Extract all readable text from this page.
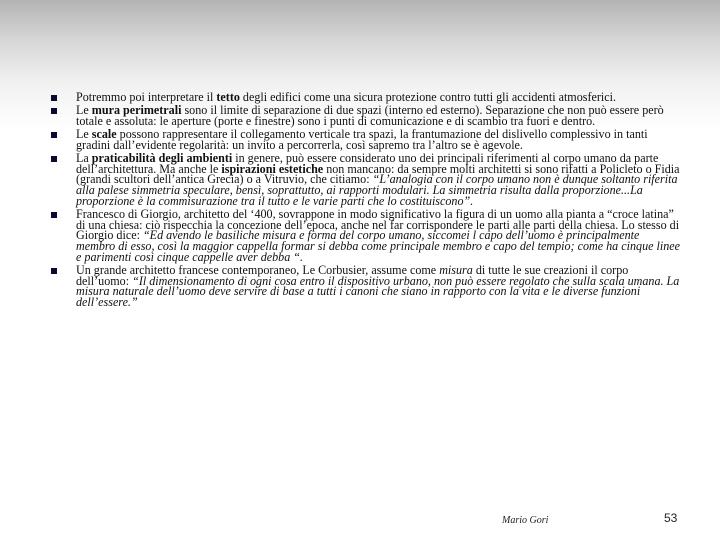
Potremmo poi interpretare il tetto degli edifici come una sicura protezione contro tutti gli accidenti atmosferici.
Le mura perimetrali sono il limite di separazione di due spazi (interno ed esterno). Separazione che non può essere però totale e assoluta: le aperture (porte e finestre) sono i punti di comunicazione e di scambio tra fuori e dentro.
Le scale possono rappresentare il collegamento verticale tra spazi, la frantumazione del dislivello complessivo in tanti gradini dall’evidente regolarità: un invito a percorrerla, così sapremo tra l’altro se è agevole.
La praticabilità degli ambienti in genere, può essere considerato uno dei principali riferimenti al corpo umano da parte dell’architettura. Ma anche le ispirazioni estetiche non mancano: da sempre molti architetti si sono rifatti a Policleto o Fidia (grandi scultori dell’antica Grecia) o a Vitruvio, che citiamo: “L’analogia con il corpo umano non è dunque soltanto riferita alla palese simmetria speculare, bensì, soprattutto, ai rapporti modulari. La simmetria risulta dalla proporzione...La proporzione è la commisurazione tra il tutto e le varie parti che lo costituiscono”.
Francesco di Giorgio, architetto del ‘400, sovrappone in modo significativo la figura di un uomo alla pianta a “croce latina” di una chiesa: ciò rispecchia la concezione dell’epoca, anche nel far corrispondere le parti alle parti della chiesa. Lo stesso di Giorgio dice: “Ed avendo le basiliche misura e forma del corpo umano, siccomei l capo dell’uomo è principalmente membro di esso, così la maggior cappella formar si debba come principale membro e capo del tempio; come ha cinque linee e parimenti così cinque cappelle aver debba “.
Un grande architetto francese contemporaneo, Le Corbusier, assume come misura di tutte le sue creazioni il corpo dell’uomo: “Il dimensionamento di ogni cosa entro il dispositivo urbano, non può essere regolato che sulla scala umana. La misura naturale dell’uomo deve servire di base a tutti i canoni che siano in rapporto con la vita e le diverse funzioni dell’essere.”
Mario Gori	53
